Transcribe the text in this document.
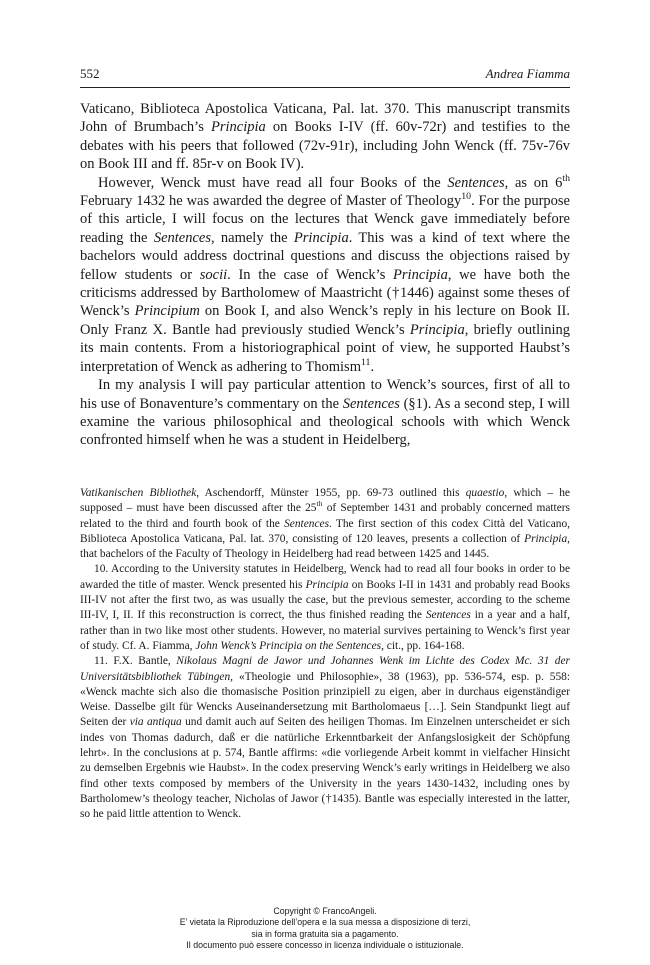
552	Andrea Fiamma

Vaticano, Biblioteca Apostolica Vaticana, Pal. lat. 370. This manuscript transmits John of Brumbach’s Principia on Books I-IV (ff. 60v-72r) and testifies to the debates with his peers that followed (72v-91r), including John Wenck (ff. 75v-76v on Book III and ff. 85r-v on Book IV).

However, Wenck must have read all four Books of the Sentences, as on 6th February 1432 he was awarded the degree of Master of Theology$^{10}$. For the purpose of this article, I will focus on the lectures that Wenck gave immediately before reading the Sentences, namely the Principia. This was a kind of text where the bachelors would address doctrinal questions and discuss the objections raised by fellow students or socii. In the case of Wenck’s Principia, we have both the criticisms addressed by Bartholomew of Maastricht (†1446) against some theses of Wenck’s Principium on Book I, and also Wenck’s reply in his lecture on Book II. Only Franz X. Bantle had previously studied Wenck’s Principia, briefly outlining its main contents. From a historiographical point of view, he supported Haubst’s interpretation of Wenck as adhering to Thomism$^{11}$.

In my analysis I will pay particular attention to Wenck’s sources, first of all to his use of Bonaventure’s commentary on the Sentences (§1). As a second step, I will examine the various philosophical and theological schools with which Wenck confronted himself when he was a student in Heidelberg,

Vatikanischen Bibliothek, Aschendorff, Münster 1955, pp. 69-73 outlined this quaestio, which – he supposed – must have been discussed after the 25th of September 1431 and probably concerned matters related to the third and fourth book of the Sentences. The first section of this codex Città del Vaticano, Biblioteca Apostolica Vaticana, Pal. lat. 370, consisting of 120 leaves, presents a collection of Principia, that bachelors of the Faculty of Theology in Heidelberg had read between 1425 and 1445.

10. According to the University statutes in Heidelberg, Wenck had to read all four books in order to be awarded the title of master. Wenck presented his Principia on Books I-II in 1431 and probably read Books III-IV not after the first two, as was usually the case, but the previous semester, according to the scheme III-IV, I, II. If this reconstruction is correct, the thus finished reading the Sentences in a year and a half, rather than in two like most other students. However, no material survives pertaining to Wenck’s first year of study. Cf. A. Fiamma, John Wenck’s Principia on the Sentences, cit., pp. 164-168.

11. F.X. Bantle, Nikolaus Magni de Jawor und Johannes Wenk im Lichte des Codex Mc. 31 der Universitätsbibliothek Tübingen, «Theologie und Philosophie», 38 (1963), pp. 536-574, esp. p. 558: «Wenck machte sich also die thomasische Position prinzipiell zu eigen, aber in durchaus eigenständiger Weise. Dasselbe gilt für Wencks Auseinandersetzung mit Bartholomaeus […]. Sein Standpunkt liegt auf Seiten der via antiqua und damit auch auf Seiten des heiligen Thomas. Im Einzelnen unterscheidet er sich indes von Thomas dadurch, daß er die natürliche Erkenntbarkeit der Anfangslosigkeit der Schöpfung lehrt». In the conclusions at p. 574, Bantle affirms: «die vorliegende Arbeit kommt in vielfacher Hinsicht zu demselben Ergebnis wie Haubst». In the codex preserving Wenck’s early writings in Heidelberg we also find other texts composed by members of the University in the years 1430-1432, including ones by Bartholomew’s theology teacher, Nicholas of Jawor (†1435). Bantle was especially interested in the latter, so he paid little attention to Wenck.

Copyright © FrancoAngeli.
E’ vietata la Riproduzione dell’opera e la sua messa a disposizione di terzi,
sia in forma gratuita sia a pagamento.
Il documento può essere concesso in licenza individuale o istituzionale.
